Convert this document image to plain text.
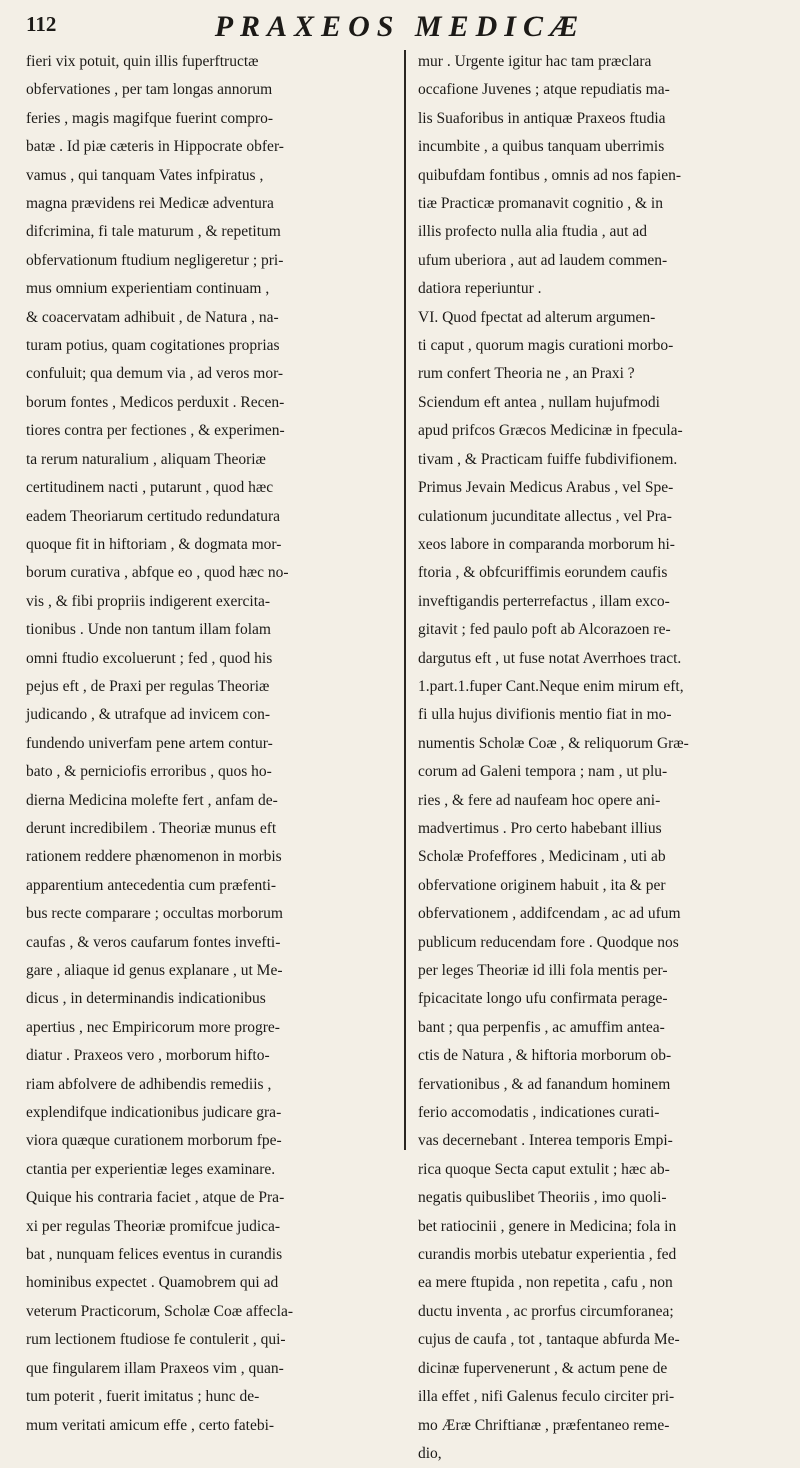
112	PRAXEOS MEDICÆ
fieri vix potuit, quin illis fuperftructæ
obfervationes , per tam longas annorum
feries , magis magifque fuerint compro-
batæ . Id piæ cæteris in Hippocrate obfer-
vamus , qui tanquam Vates infpiratus ,
magna prævidens rei Medicæ adventura
difcrimina, fi tale maturum , & repetitum
obfervationum ftudium negligeretur ; pri-
mus omnium experientiam continuam ,
& coacervatam adhibuit , de Natura , na-
turam potius, quam cogitationes proprias
confuluit; qua demum via , ad veros mor-
borum fontes , Medicos perduxit . Recen-
tiores contra per fectiones , & experimen-
ta rerum naturalium , aliquam Theoriæ
certitudinem nacti , putarunt , quod hæc
eadem Theoriarum certitudo redundatura
quoque fit in hiftoriam , & dogmata mor-
borum curativa , abfque eo , quod hæc no-
vis , & fibi propriis indigerent exercita-
tionibus . Unde non tantum illam folam
omni ftudio excoluerunt ; fed , quod his
pejus eft , de Praxi per regulas Theoriæ
judicando , & utrafque ad invicem con-
fundendo univerfam pene artem contur-
bato , & perniciofis erroribus , quos ho-
dierna Medicina molefte fert , anfam de-
derunt incredibilem . Theoriæ munus eft
rationem reddere phænomenon in morbis
apparentium antecedentia cum præfenti-
bus recte comparare ; occultas morborum
caufas , & veros caufarum fontes invefti-
gare , aliaque id genus explanare , ut Me-
dicus , in determinandis indicationibus
apertius , nec Empiricorum more progre-
diatur . Praxeos vero , morborum hifto-
riam abfolvere de adhibendis remediis ,
explendifque indicationibus judicare gra-
viora quæque curationem morborum fpe-
ctantia per experientiæ leges examinare.
Quique his contraria faciet , atque de Pra-
xi per regulas Theoriæ promifcue judica-
bat , nunquam felices eventus in curandis
hominibus expectet . Quamobrem qui ad
veterum Practicorum, Scholæ Coæ affecla-
rum lectionem ftudiose fe contulerit , qui-
que fingularem illam Praxeos vim , quan-
tum poterit , fuerit imitatus ; hunc de-
mum veritati amicum effe , certo fatebi-
mur . Urgente igitur hac tam præclara
occafione Juvenes ; atque repudiatis ma-
lis Suaforibus in antiquæ Praxeos ftudia
incumbite , a quibus tanquam uberrimis
quibufdam fontibus , omnis ad nos fapien-
tiæ Practicæ promanavit cognitio , & in
illis profecto nulla alia ftudia , aut ad
ufum uberiora , aut ad laudem commen-
datiora reperiuntur .
VI. Quod fpectat ad alterum argumen-
ti caput , quorum magis curationi morbo-
rum confert Theoria ne , an Praxi ?
Sciendum eft antea , nullam hujufmodi
apud prifcos Græcos Medicinæ in fpecula-
tivam , & Practicam fuiffe fubdivifionem.
Primus Jevain Medicus Arabus , vel Spe-
culationum jucunditate allectus , vel Pra-
xeos labore in comparanda morborum hi-
ftoria , & obfcuriffimis eorundem caufis
inveftigandis perterrefactus , illam exco-
gitavit ; fed paulo poft ab Alcorazoen re-
dargutus eft , ut fuse notat Averrhoes tract.
1.part.1.fuper Cant.Neque enim mirum eft,
fi ulla hujus divifionis mentio fiat in mo-
numentis Scholæ Coæ , & reliquorum Græ-
corum ad Galeni tempora ; nam , ut plu-
ries , & fere ad naufeam hoc opere ani-
madvertimus . Pro certo habebant illius
Scholæ Profeffores , Medicinam , uti ab
obfervatione originem habuit , ita & per
obfervationem , addifcendam , ac ad ufum
publicum reducendam fore . Quodque nos
per leges Theoriæ id illi fola mentis per-
fpicacitate longo ufu confirmata perage-
bant ; qua perpenfis , ac amuffim antea-
ctis de Natura , & hiftoria morborum ob-
fervationibus , & ad fanandum hominem
ferio accomodatis , indicationes curati-
vas decernebant . Interea temporis Empi-
rica quoque Secta caput extulit ; hæc ab-
negatis quibuslibet Theoriis , imo quoli-
bet ratiocinii , genere in Medicina; fola in
curandis morbis utebatur experientia , fed
ea mere ftupida , non repetita , cafu , non
ductu inventa , ac prorfus circumforanea;
cujus de caufa , tot , tantaque abfurda Me-
dicinæ fupervenerunt , & actum pene de
illa effet , nifi Galenus feculo circiter pri-
mo Æræ Chriftianæ , præfentaneo reme-
dio,
